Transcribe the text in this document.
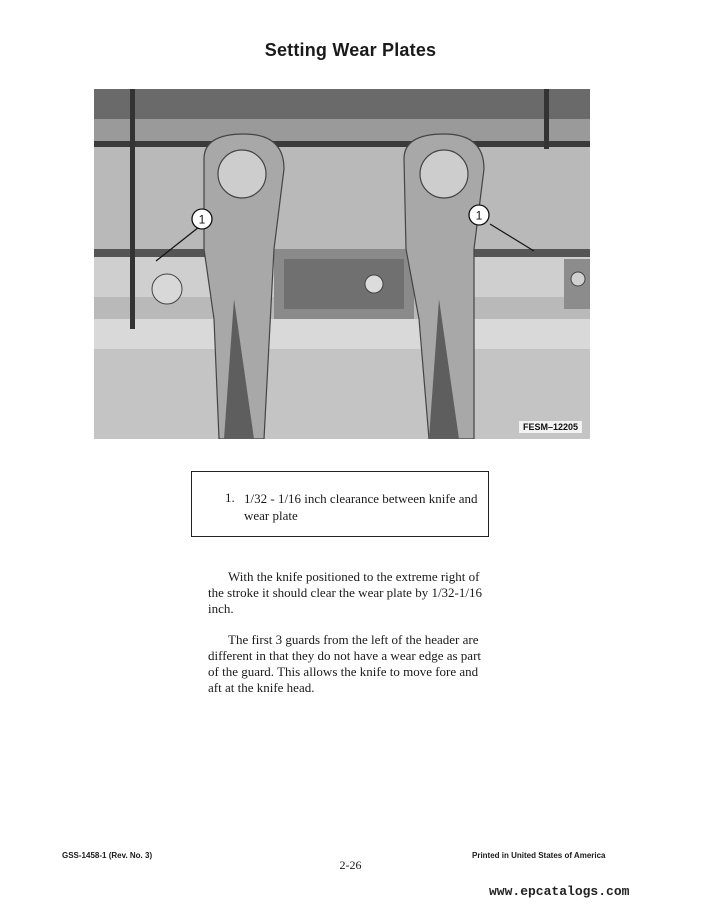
Setting Wear Plates
1	1
FESM–12205
1. 1/32 - 1/16 inch clearance between knife and wear plate

With the knife positioned to the extreme right of the stroke it should clear the wear plate by 1/32-1/16 inch.

The first 3 guards from the left of the header are different in that they do not have a wear edge as part of the guard. This allows the knife to move fore and aft at the knife head.

GSS-1458-1 (Rev. No. 3)
2-26
Printed in United States of America
www.epcatalogs.com
